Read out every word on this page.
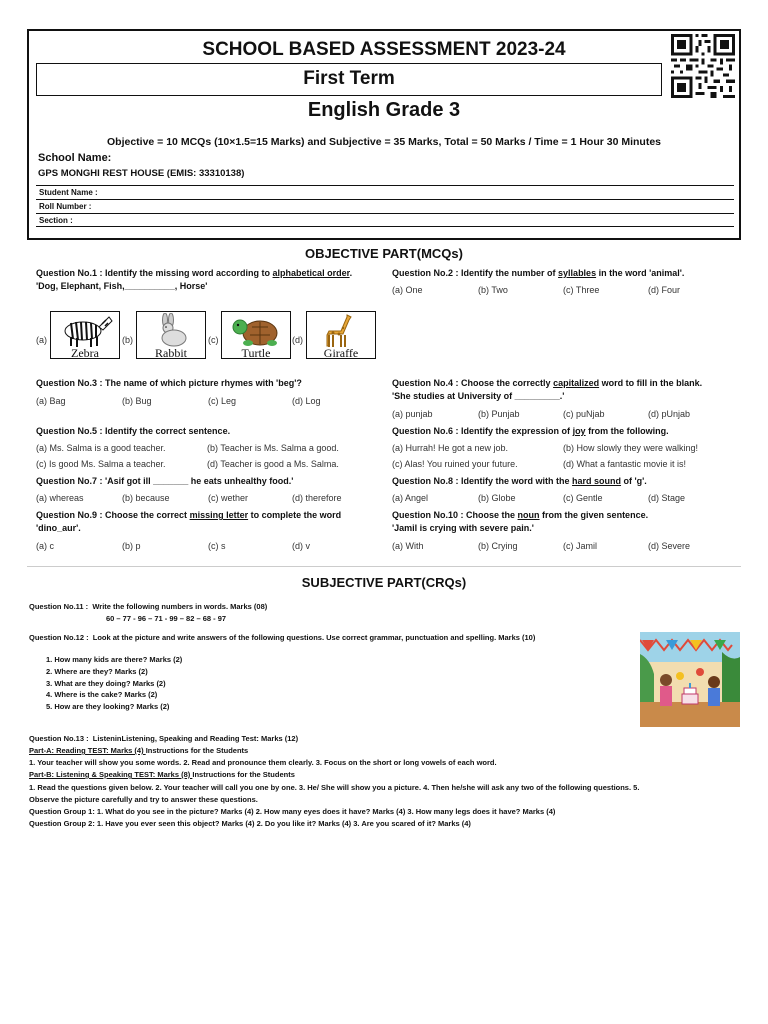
SCHOOL BASED ASSESSMENT 2023-24
First Term
English Grade 3
Objective = 10 MCQs (10×1.5=15 Marks) and Subjective = 35 Marks, Total = 50 Marks / Time = 1 Hour 30 Minutes
School Name:
GPS MONGHI REST HOUSE (EMIS: 33310138)
Student Name :
Roll Number :
Section :
OBJECTIVE PART(MCQs)
Question No.1 : Identify the missing word according to alphabetical order.
'Dog, Elephant, Fish,__________, Horse'
(a)
Zebra
(b)
Rabbit
(c)
Turtle
(d)
Giraffe
Question No.2 : Identify the number of syllables in the word 'animal'.
(a) One	(b) Two	(c) Three	(d) Four
Question No.3 : The name of which picture rhymes with 'beg'?
(a) Bag	(b) Bug	(c) Leg	(d) Log
Question No.4 : Choose the correctly capitalized word to fill in the blank.
'She studies at University of _________.'
(a) punjab	(b) Punjab	(c) puNjab	(d) pUnjab
Question No.5 : Identify the correct sentence.
(a) Ms. Salma is a good teacher.	(b) Teacher is Ms. Salma a good.
(c) Is good Ms. Salma a teacher.	(d) Teacher is good a Ms. Salma.
Question No.6 : Identify the expression of joy from the following.
(a) Hurrah! He got a new job.	(b) How slowly they were walking!
(c) Alas! You ruined your future.	(d) What a fantastic movie it is!
Question No.7 : 'Asif got ill _______ he eats unhealthy food.'
(a) whereas	(b) because	(c) wether	(d) therefore
Question No.8 : Identify the word with the hard sound of 'g'.
(a) Angel	(b) Globe	(c) Gentle	(d) Stage
Question No.9 : Choose the correct missing letter to complete the word
'dino_aur'.
(a) c	(b) p	(c) s	(d) v
Question No.10 : Choose the noun from the given sentence.
'Jamil is crying with severe pain.'
(a) With	(b) Crying	(c) Jamil	(d) Severe
SUBJECTIVE PART(CRQs)
Question No.11 : Write the following numbers in words. Marks (08)
60 – 77 - 96 – 71 - 99 – 82 – 68 - 97
Question No.12 : Look at the picture and write answers of the following questions. Use correct grammar, punctuation and spelling. Marks (10)
1. How many kids are there? Marks (2)
2. Where are they? Marks (2)
3. What are they doing? Marks (2)
4. Where is the cake? Marks (2)
5. How are they looking? Marks (2)
Question No.13 : ListeninListening, Speaking and Reading Test: Marks (12)
Part-A: Reading TEST: Marks (4) Instructions for the Students
1. Your teacher will show you some words. 2. Read and pronounce them clearly. 3. Focus on the short or long vowels of each word.
Part-B: Listening & Speaking TEST: Marks (8) Instructions for the Students
1. Read the questions given below. 2. Your teacher will call you one by one. 3. He/ She will show you a picture. 4. Then he/she will ask any two of the following questions. 5.
Observe the picture carefully and try to answer these questions.
Question Group 1: 1. What do you see in the picture? Marks (4) 2. How many eyes does it have? Marks (4) 3. How many legs does it have? Marks (4)
Question Group 2: 1. Have you ever seen this object? Marks (4) 2. Do you like it? Marks (4) 3. Are you scared of it? Marks (4)
